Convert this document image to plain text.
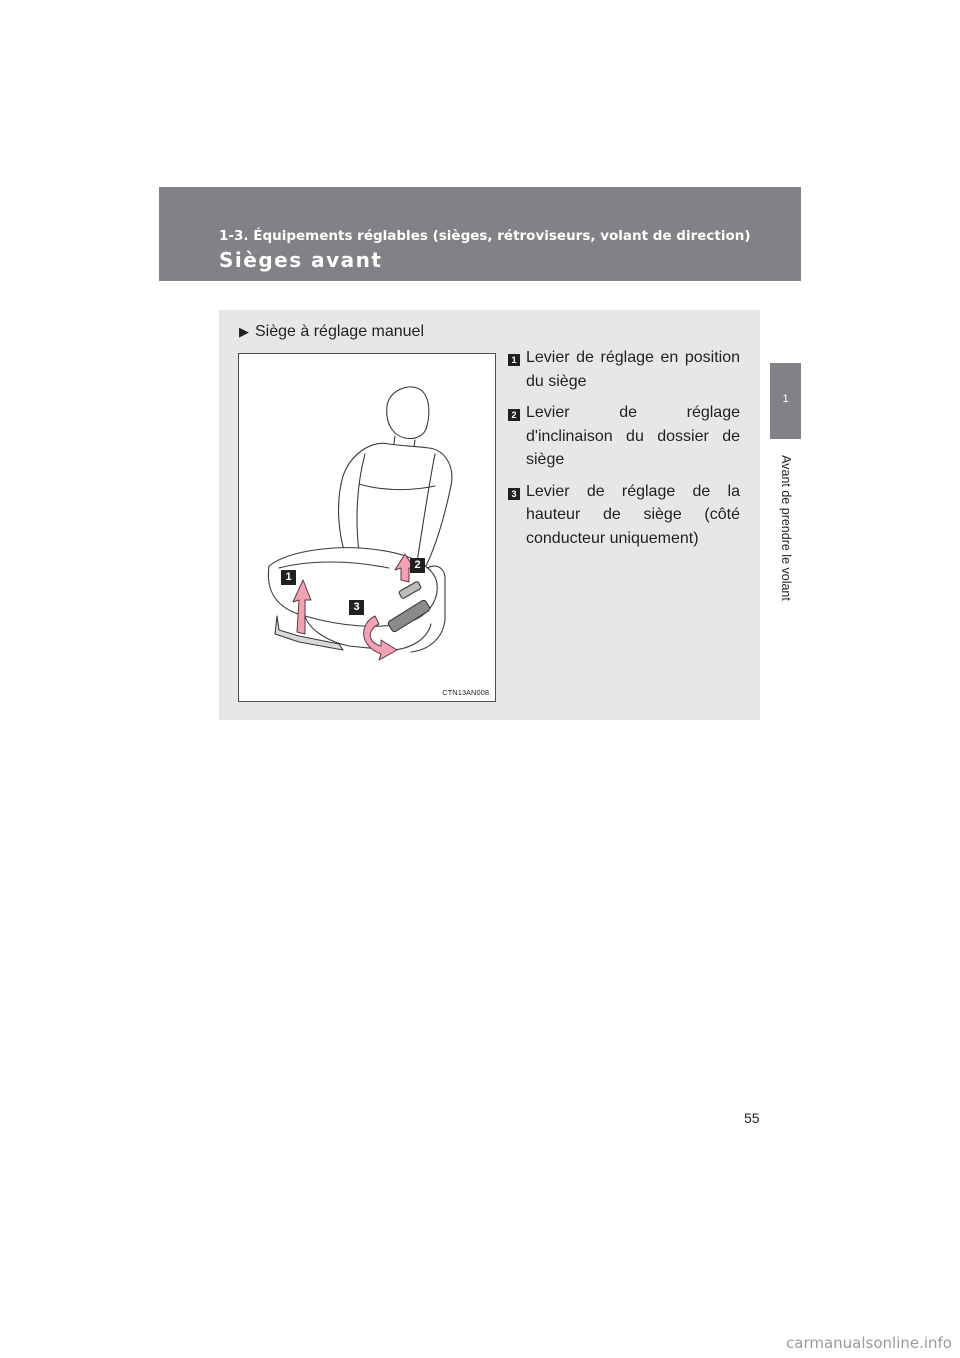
1-3. Équipements réglables (sièges, rétroviseurs, volant de direction)
Sièges avant
1
Avant de prendre le volant
▶ Siège à réglage manuel
1
2
3
CTN13AN008
1 Levier de réglage en position du siège
2 Levier de réglage d'inclinaison du dossier de siège
3 Levier de réglage de la hauteur de siège (côté conducteur uniquement)
55
carmanualsonline.info
